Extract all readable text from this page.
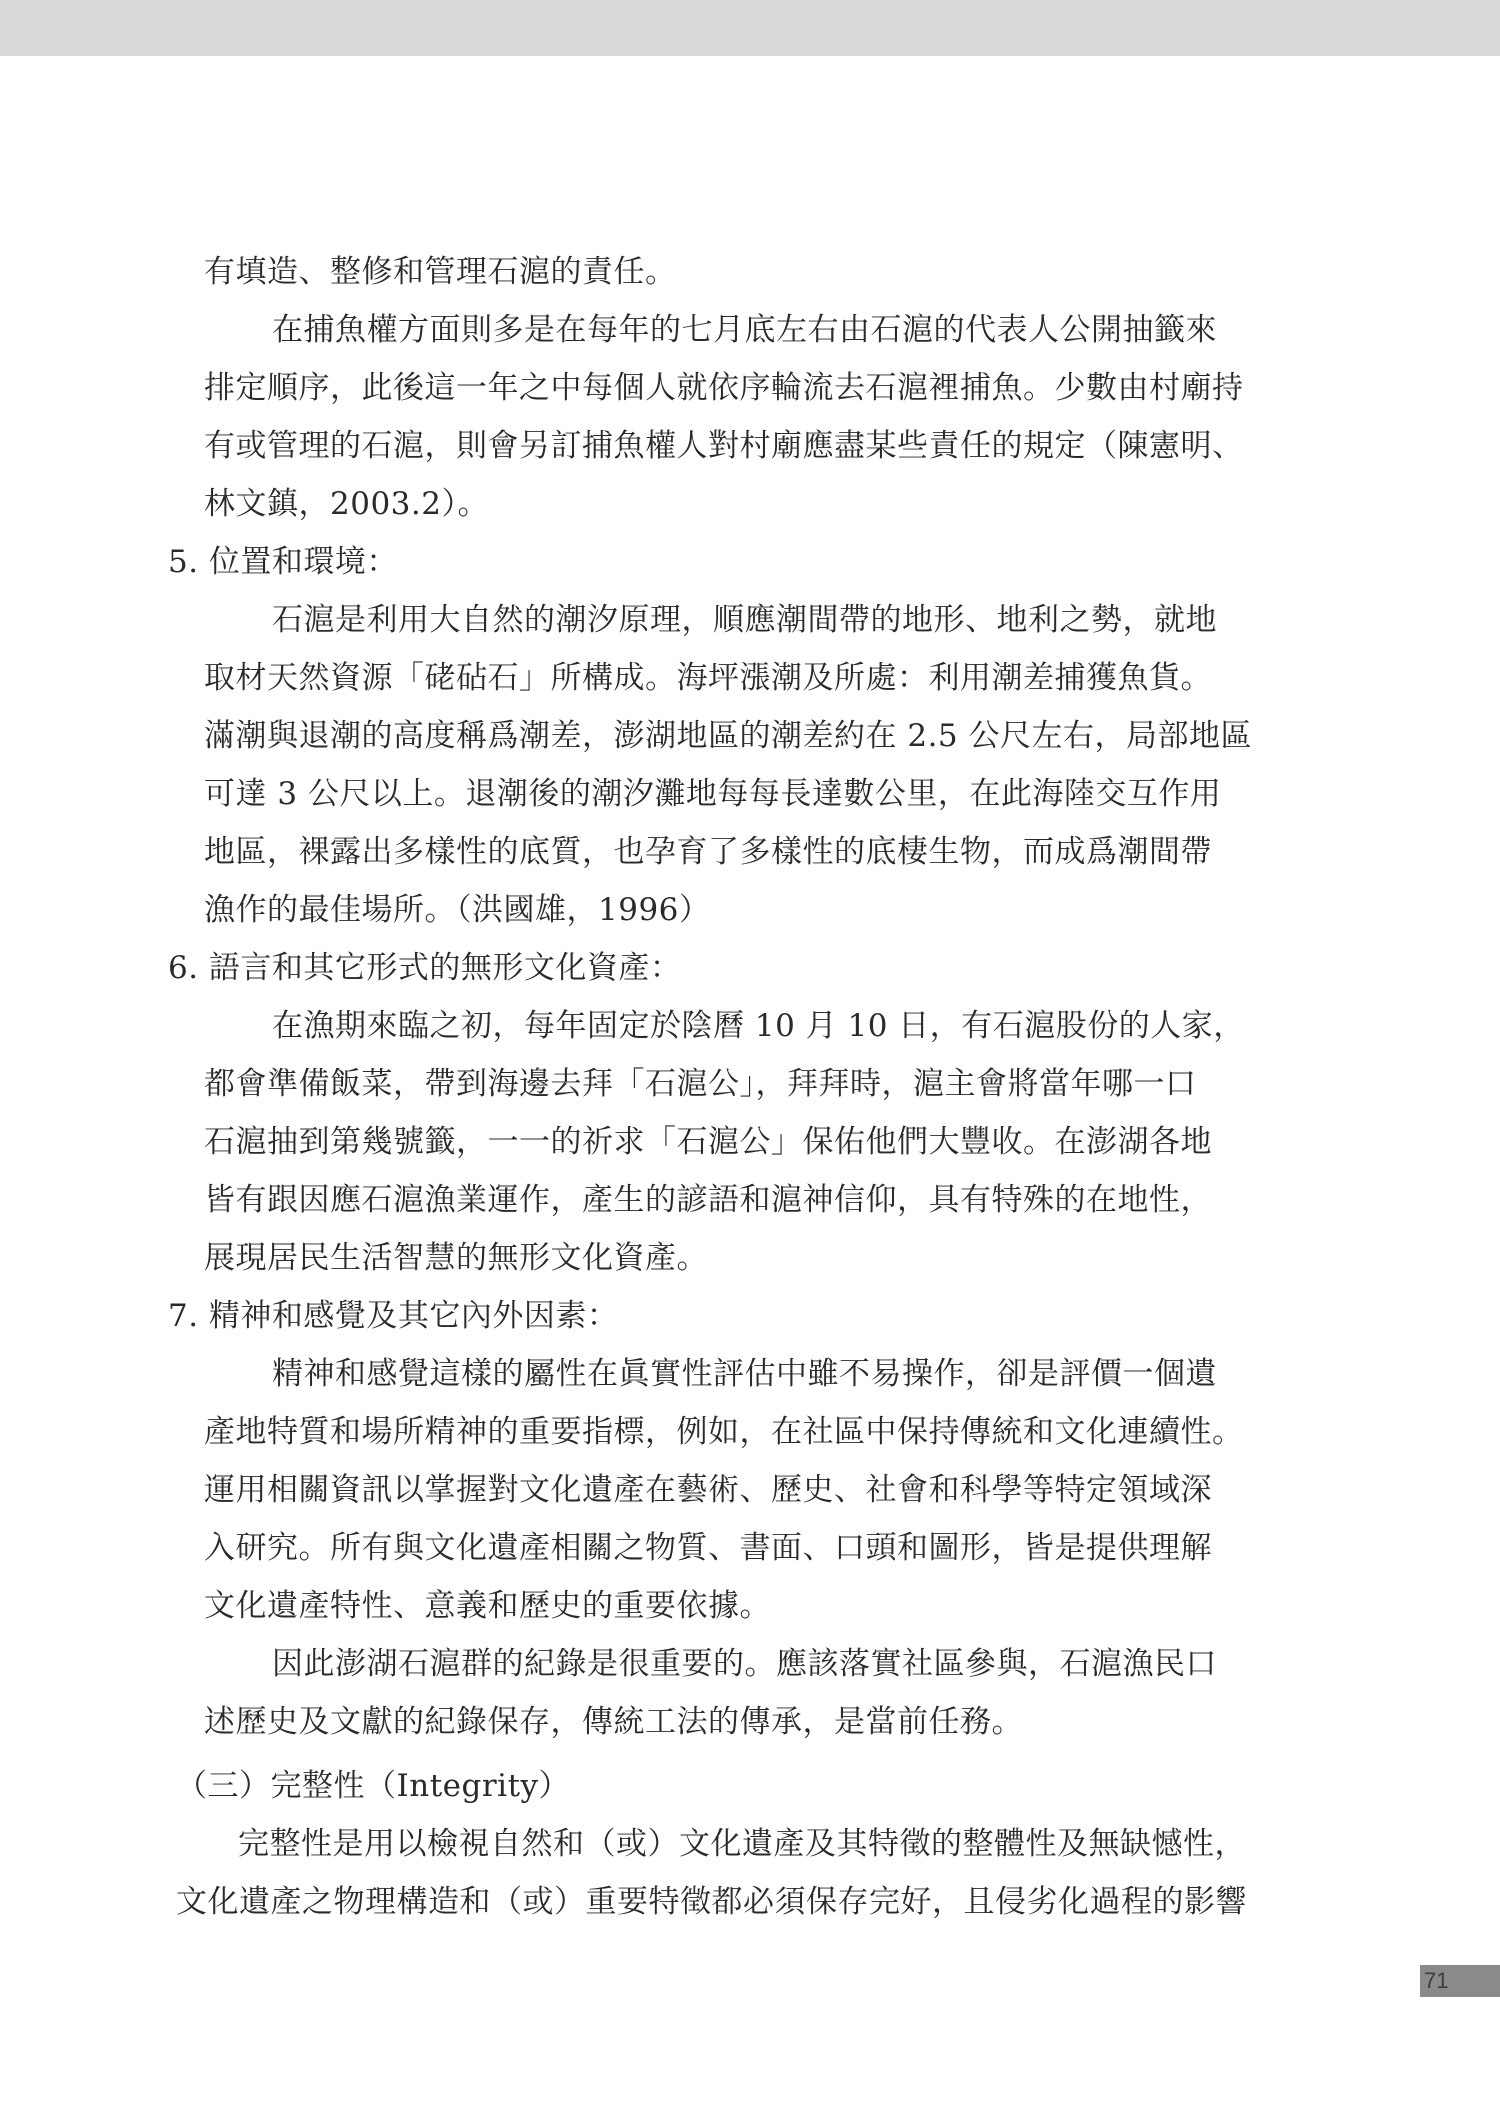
有填造、整修和管理石滬的責任。
在捕魚權方面則多是在每年的七月底左右由石滬的代表人公開抽籤來
排定順序，此後這一年之中每個人就依序輪流去石滬裡捕魚。少數由村廟持
有或管理的石滬，則會另訂捕魚權人對村廟應盡某些責任的規定（陳憲明、
林文鎮，2003.2）。
5. 位置和環境：
石滬是利用大自然的潮汐原理，順應潮間帶的地形、地利之勢，就地
取材天然資源「硓砧石」所構成。海坪漲潮及所處：利用潮差捕獲魚貨。
滿潮與退潮的高度稱爲潮差，澎湖地區的潮差約在 2.5 公尺左右，局部地區
可達 3 公尺以上。退潮後的潮汐灘地每每長達數公里，在此海陸交互作用
地區，裸露出多樣性的底質，也孕育了多樣性的底棲生物，而成爲潮間帶
漁作的最佳場所。（洪國雄，1996）
6. 語言和其它形式的無形文化資產：
在漁期來臨之初，每年固定於陰曆 10 月 10 日，有石滬股份的人家，
都會準備飯菜，帶到海邊去拜「石滬公」，拜拜時，滬主會將當年哪一口
石滬抽到第幾號籤，一一的祈求「石滬公」保佑他們大豐收。在澎湖各地
皆有跟因應石滬漁業運作，產生的諺語和滬神信仰，具有特殊的在地性，
展現居民生活智慧的無形文化資產。
7. 精神和感覺及其它內外因素：
精神和感覺這樣的屬性在眞實性評估中雖不易操作，卻是評價一個遺
產地特質和場所精神的重要指標，例如，在社區中保持傳統和文化連續性。
運用相關資訊以掌握對文化遺產在藝術、歷史、社會和科學等特定領域深
入研究。所有與文化遺產相關之物質、書面、口頭和圖形，皆是提供理解
文化遺產特性、意義和歷史的重要依據。
因此澎湖石滬群的紀錄是很重要的。應該落實社區參與，石滬漁民口
述歷史及文獻的紀錄保存，傳統工法的傳承，是當前任務。
（三）完整性（Integrity）
完整性是用以檢視自然和（或）文化遺產及其特徵的整體性及無缺憾性，
文化遺產之物理構造和（或）重要特徵都必須保存完好，且侵劣化過程的影響
71
